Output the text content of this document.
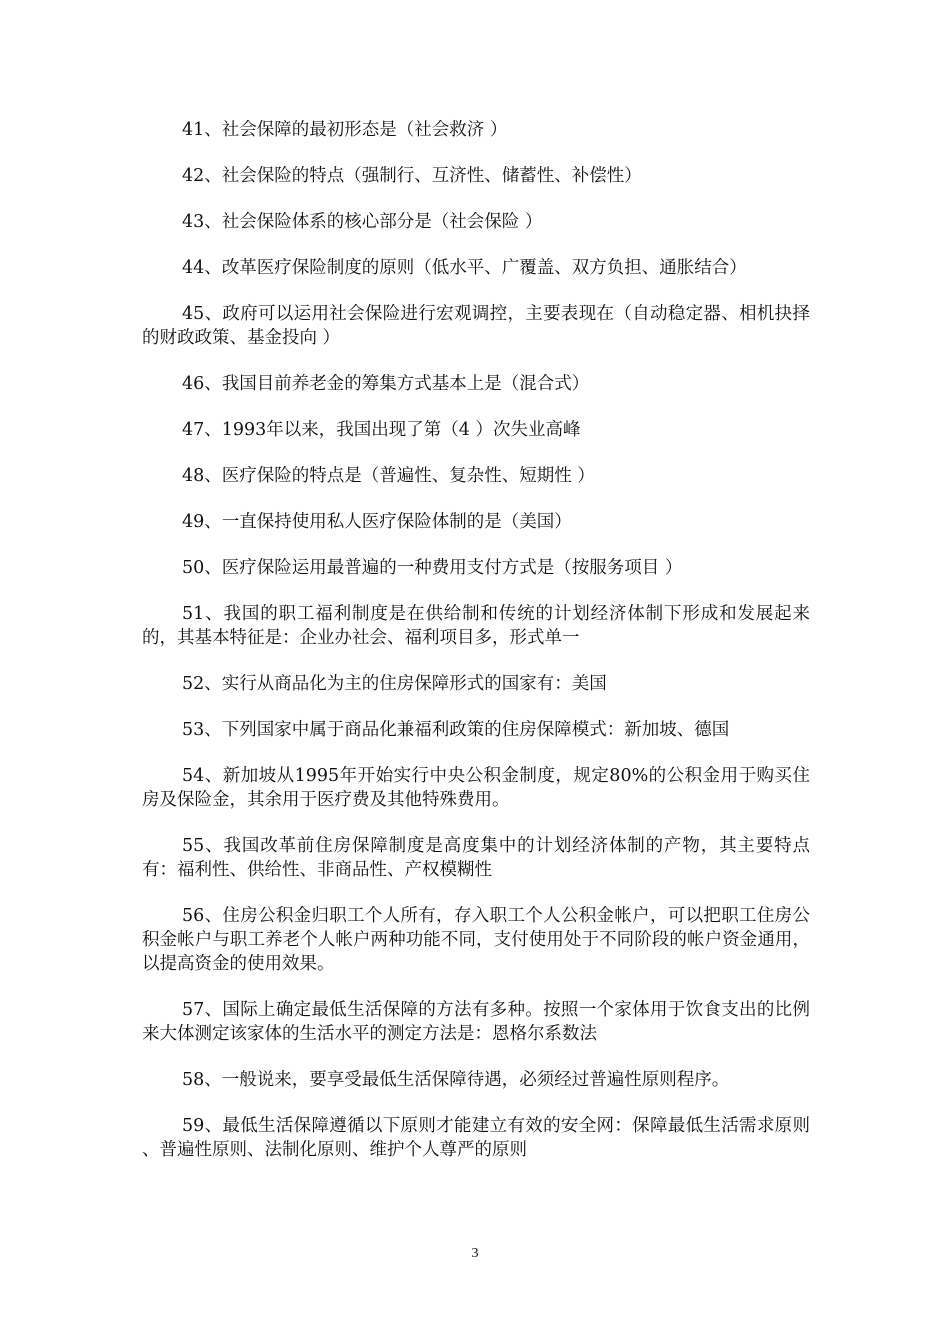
41、社会保障的最初形态是（社会救济 ）

42、社会保险的特点（强制行、互济性、储蓄性、补偿性）

43、社会保险体系的核心部分是（社会保险 ）

44、改革医疗保险制度的原则（低水平、广覆盖、双方负担、通胀结合）

45、政府可以运用社会保险进行宏观调控，主要表现在（自动稳定器、相机抉择的财政政策、基金投向 ）

46、我国目前养老金的筹集方式基本上是（混合式）

47、1993年以来，我国出现了第（4 ）次失业高峰

48、医疗保险的特点是（普遍性、复杂性、短期性 ）

49、一直保持使用私人医疗保险体制的是（美国）

50、医疗保险运用最普遍的一种费用支付方式是（按服务项目 ）

51、我国的职工福利制度是在供给制和传统的计划经济体制下形成和发展起来的，其基本特征是：企业办社会、福利项目多，形式单一

52、实行从商品化为主的住房保障形式的国家有：美国

53、下列国家中属于商品化兼福利政策的住房保障模式：新加坡、德国

54、新加坡从1995年开始实行中央公积金制度，规定80%的公积金用于购买住房及保险金，其余用于医疗费及其他特殊费用。

55、我国改革前住房保障制度是高度集中的计划经济体制的产物，其主要特点有：福利性、供给性、非商品性、产权模糊性

56、住房公积金归职工个人所有，存入职工个人公积金帐户，可以把职工住房公积金帐户与职工养老个人帐户两种功能不同，支付使用处于不同阶段的帐户资金通用，以提高资金的使用效果。

57、国际上确定最低生活保障的方法有多种。按照一个家体用于饮食支出的比例来大体测定该家体的生活水平的测定方法是：恩格尔系数法

58、一般说来，要享受最低生活保障待遇，必须经过普遍性原则程序。

59、最低生活保障遵循以下原则才能建立有效的安全网：保障最低生活需求原则 、普遍性原则、法制化原则、维护个人尊严的原则

3
